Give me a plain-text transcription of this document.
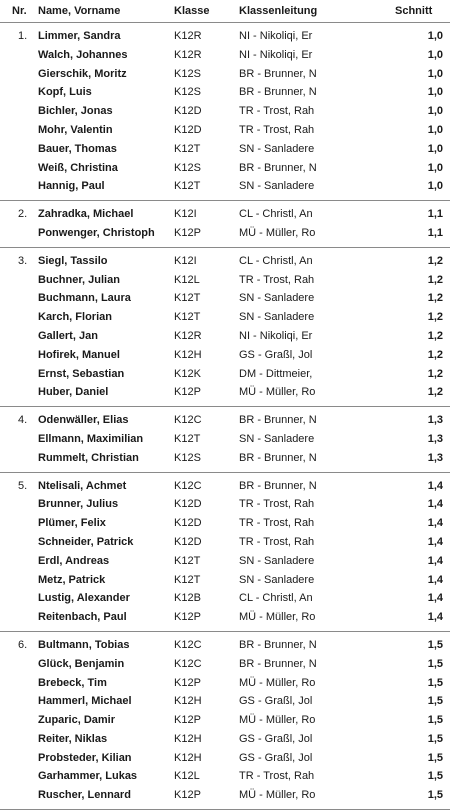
Nr. Name, Vorname	Klasse	Klassenleitung	Schnitt
1. Limmer, Sandra	K12R	NI - Nikoliqi, Er	1,0
Walch, Johannes	K12R	NI - Nikoliqi, Er	1,0
Gierschik, Moritz	K12S	BR - Brunner, N	1,0
Kopf, Luis	K12S	BR - Brunner, N	1,0
Bichler, Jonas	K12D	TR - Trost, Rah	1,0
Mohr, Valentin	K12D	TR - Trost, Rah	1,0
Bauer, Thomas	K12T	SN - Sanladere	1,0
Weiß, Christina	K12S	BR - Brunner, N	1,0
Hannig, Paul	K12T	SN - Sanladere	1,0
2. Zahradka, Michael	K12I	CL - Christl, An	1,1
Ponwenger, Christoph K12P	MÜ - Müller, Ro	1,1
3. Siegl, Tassilo	K12I	CL - Christl, An	1,2
Buchner, Julian	K12L	TR - Trost, Rah	1,2
Buchmann, Laura	K12T	SN - Sanladere	1,2
Karch, Florian	K12T	SN - Sanladere	1,2
Gallert, Jan	K12R	NI - Nikoliqi, Er	1,2
Hofirek, Manuel	K12H	GS - Graßl, Jol	1,2
Ernst, Sebastian	K12K	DM - Dittmeier,	1,2
Huber, Daniel	K12P	MÜ - Müller, Ro	1,2
4. Odenwäller, Elias	K12C	BR - Brunner, N	1,3
Ellmann, Maximilian	K12T	SN - Sanladere	1,3
Rummelt, Christian	K12S	BR - Brunner, N	1,3
5. Ntelisali, Achmet	K12C	BR - Brunner, N	1,4
Brunner, Julius	K12D	TR - Trost, Rah	1,4
Plümer, Felix	K12D	TR - Trost, Rah	1,4
Schneider, Patrick	K12D	TR - Trost, Rah	1,4
Erdl, Andreas	K12T	SN - Sanladere	1,4
Metz, Patrick	K12T	SN - Sanladere	1,4
Lustig, Alexander	K12B	CL - Christl, An	1,4
Reitenbach, Paul	K12P	MÜ - Müller, Ro	1,4
6. Bultmann, Tobias	K12C	BR - Brunner, N	1,5
Glück, Benjamin	K12C	BR - Brunner, N	1,5
Brebeck, Tim	K12P	MÜ - Müller, Ro	1,5
Hammerl, Michael	K12H	GS - Graßl, Jol	1,5
Zuparic, Damir	K12P	MÜ - Müller, Ro	1,5
Reiter, Niklas	K12H	GS - Graßl, Jol	1,5
Probsteder, Kilian	K12H	GS - Graßl, Jol	1,5
Garhammer, Lukas	K12L	TR - Trost, Rah	1,5
Ruscher, Lennard	K12P	MÜ - Müller, Ro	1,5
